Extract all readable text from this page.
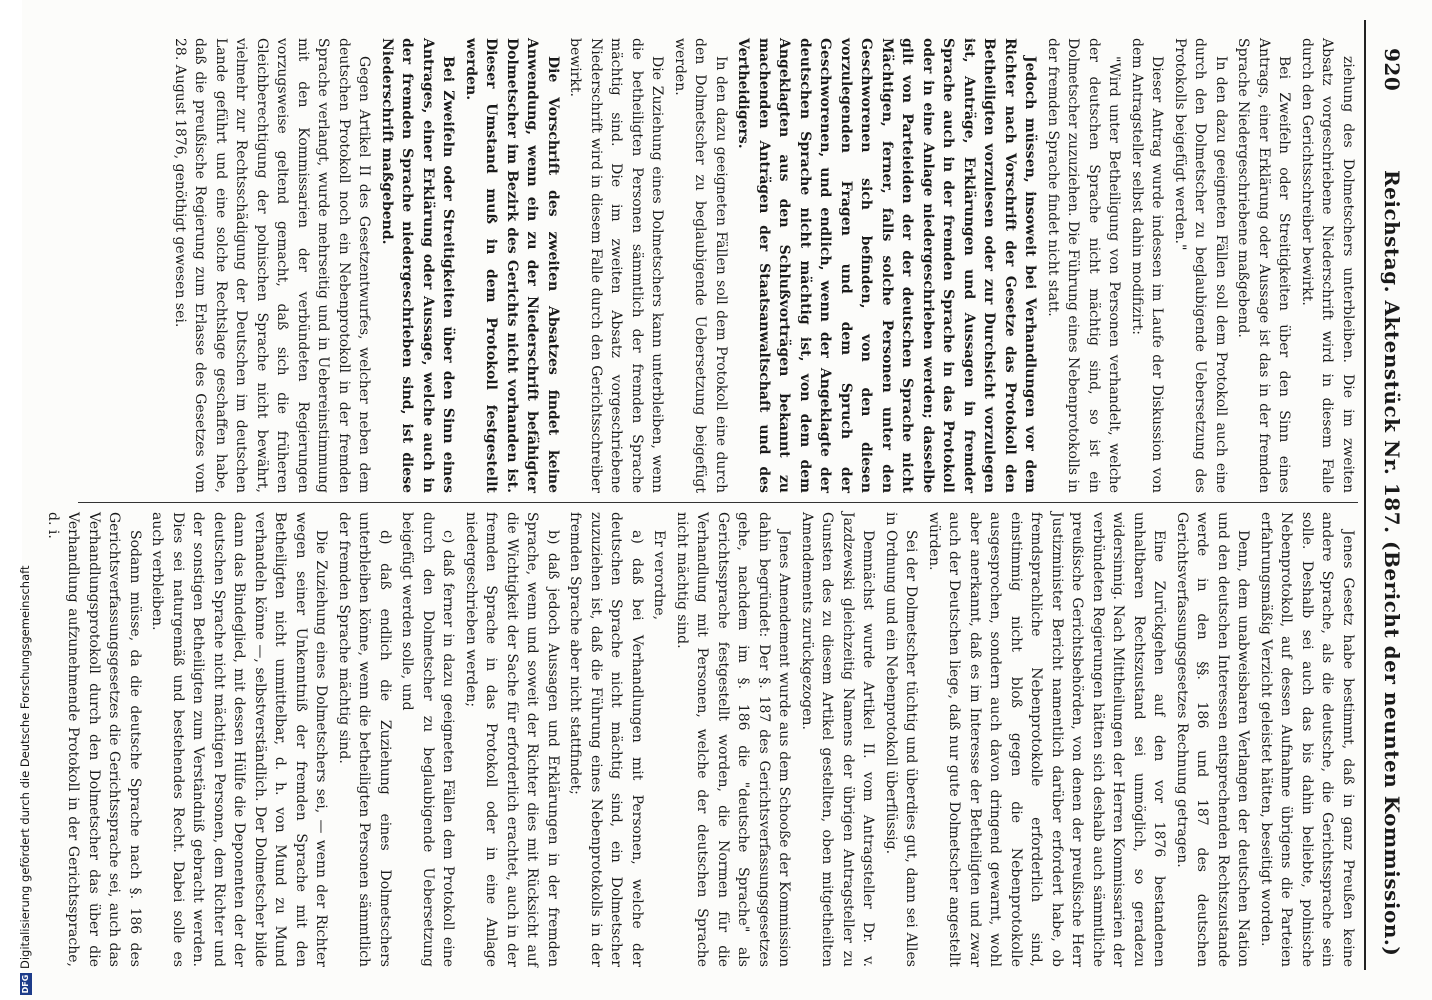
920
Reichstag. Aktenstück Nr. 187. (Bericht der neunten Kommission.)

ziehung des Dolmetschers unterbleiben. Die im zweiten Absatz vorgeschriebene Niederschrift wird in diesem Falle durch den Gerichtsschreiber bewirkt.

Bei Zweifeln oder Streitigkeiten über den Sinn eines Antrags, einer Erklärung oder Aussage ist das in der fremden Sprache Niedergeschriebene maßgebend.

In den dazu geeigneten Fällen soll dem Protokoll auch eine durch den Dolmetscher zu beglaubigende Uebersetzung des Protokolls beigefügt werden."

Dieser Antrag wurde indessen im Laufe der Diskussion von dem Antragsteller selbst dahin modifizirt:

"Wird unter Betheiligung von Personen verhandelt, welche der deutschen Sprache nicht mächtig sind, so ist ein Dolmetscher zuzuziehen. Die Führung eines Nebenprotokolls in der fremden Sprache findet nicht statt.

Jedoch müssen, insoweit bei Verhandlungen vor dem Richter nach Vorschrift der Gesetze das Protokoll den Betheiligten vorzulesen oder zur Durchsicht vorzulegen ist, Anträge, Erklärungen und Aussagen in fremder Sprache auch in der fremden Sprache in das Protokoll oder in eine Anlage niedergeschrieben werden; dasselbe gilt von Parteieiden der der deutschen Sprache nicht Mächtigen, ferner, falls solche Personen unter den Geschworenen sich befinden, von den diesen vorzulegenden Fragen und dem Spruch der Geschworenen, und endlich, wenn der Angeklagte der deutschen Sprache nicht mächtig ist, von dem dem Angeklagten aus den Schlußvorträgen bekannt zu machenden Anträgen der Staatsanwaltschaft und des Vertheidigers.

In den dazu geeigneten Fällen soll dem Protokoll eine durch den Dolmetscher zu beglaubigende Uebersetzung beigefügt werden.

Die Zuziehung eines Dolmetschers kann unterbleiben, wenn die betheiligten Personen sämmtlich der fremden Sprache mächtig sind. Die im zweiten Absatz vorgeschriebene Niederschrift wird in diesem Falle durch den Gerichtsschreiber bewirkt.

Die Vorschrift des zweiten Absatzes findet keine Anwendung, wenn ein zu der Niederschrift befähigter Dolmetscher im Bezirk des Gerichts nicht vorhanden ist. Dieser Umstand muß in dem Protokoll festgestellt werden.

Bei Zweifeln oder Streitigkeiten über den Sinn eines Antrages, einer Erklärung oder Aussage, welche auch in der fremden Sprache niedergeschrieben sind, ist diese Niederschrift maßgebend.

Gegen Artikel II des Gesetzentwurfes, welcher neben dem deutschen Protokoll noch ein Nebenprotokoll in der fremden Sprache verlangt, wurde mehrseitig und in Uebereinstimmung mit den Kommissarien der verbündeten Regierungen vorzugsweise geltend gemacht, daß sich die früheren Gleichberechtigung der polnischen Sprache nicht bewährt, vielmehr zur Rechtsschädigung der Deutschen im deutschen Lande geführt und eine solche Rechtslage geschaffen habe, daß die preußische Regierung zum Erlasse des Gesetzes vom 28. August 1876, genöthigt gewesen sei.

Jenes Gesetz habe bestimmt, daß in ganz Preußen keine andere Sprache, als die deutsche, die Gerichtssprache sein solle. Deshalb sei auch das bis dahin beliebte, polnische Nebenprotokoll, auf dessen Aufnahme übrigens die Parteien erfahrungsmäßig Verzicht geleistet hätten, beseitigt worden.

Denn, dem unabweisbaren Verlangen der deutschen Nation und den deutschen Interessen entsprechenden Rechtszustande werde in den §§. 186 und 187 des deutschen Gerichtsverfassungsgesetzes Rechnung getragen.

Eine Zurückgehen auf den vor 1876 bestandenen unhaltbaren Rechtszustand sei unmöglich, so geradezu widersinnig. Nach Mittheilungen der Herren Kommissarien der verbündeten Regierungen hätten sich deshalb auch sämmtliche preußische Gerichtsbehörden, von denen der preußische Herr Justizminister Bericht namentlich darüber erfordert habe, ob fremdsprachliche Nebenprotokolle erforderlich sind, einstimmig nicht bloß gegen die Nebenprotokolle ausgesprochen, sondern auch davon dringend gewarnt, wohl aber anerkannt, daß es im Interesse der Betheiligten und zwar auch der Deutschen liege, daß nur gute Dolmetscher angestellt würden.

Sei der Dolmetscher tüchtig und überdies gut, dann sei Alles in Ordnung und ein Nebenprotokoll überflüssig.

Demnächst wurde Artikel II. vom Antragsteller Dr. v. Jazdzewski gleichzeitig Namens der übrigen Antragsteller zu Gunsten des zu diesem Artikel gestellten, oben mitgetheilten Amendements zurückgezogen.

Jenes Amendement wurde aus dem Schooße der Kommission dahin begründet: Der §. 187 des Gerichtsverfassungsgesetzes gehe, nachdem im §. 186 die "deutsche Sprache" als Gerichtssprache festgestellt worden, die Normen für die Verhandlung mit Personen, welche der deutschen Sprache nicht mächtig sind.

Er verordne,

a) daß bei Verhandlungen mit Personen, welche der deutschen Sprache nicht mächtig sind, ein Dolmetscher zuzuziehen ist, daß die Führung eines Nebenprotokolls in der fremden Sprache aber nicht stattfindet;

b) daß jedoch Aussagen und Erklärungen in der fremden Sprache, wenn und soweit der Richter dies mit Rücksicht auf die Wichtigkeit der Sache für erforderlich erachtet, auch in der fremden Sprache in das Protokoll oder in eine Anlage niedergeschrieben werden;

c) daß ferner in dazu geeigneten Fällen dem Protokoll eine durch den Dolmetscher zu beglaubigende Uebersetzung beigefügt werden solle, und

d) daß endlich die Zuziehung eines Dolmetschers unterbleiben könne, wenn die betheiligten Personen sämmtlich der fremden Sprache mächtig sind.

Die Zuziehung eines Dolmetschers sei, — wenn der Richter wegen seiner Unkenntniß der fremden Sprache mit den Betheiligten nicht unmittelbar, d. h. von Mund zu Mund verhandeln könne —, selbstverständlich. Der Dolmetscher bilde dann das Bindeglied, mit dessen Hülfe die Deponenten der der deutschen Sprache nicht mächtigen Personen, dem Richter und der sonstigen Betheiligten zum Verständniß gebracht werden. Dies sei naturgemäß und bestehendes Recht. Dabei solle es auch verbleiben.

Sodann müsse, da die deutsche Sprache nach §. 186 des Gerichtsverfassungsgesetzes die Gerichtssprache sei, auch das Verhandlungsprotokoll durch den Dolmetscher das über die Verhandlung aufzunehmende Protokoll in der Gerichtssprache, d. i.

DFGDigitalisierung gefördert durch die Deutsche Forschungsgemeinschaft
